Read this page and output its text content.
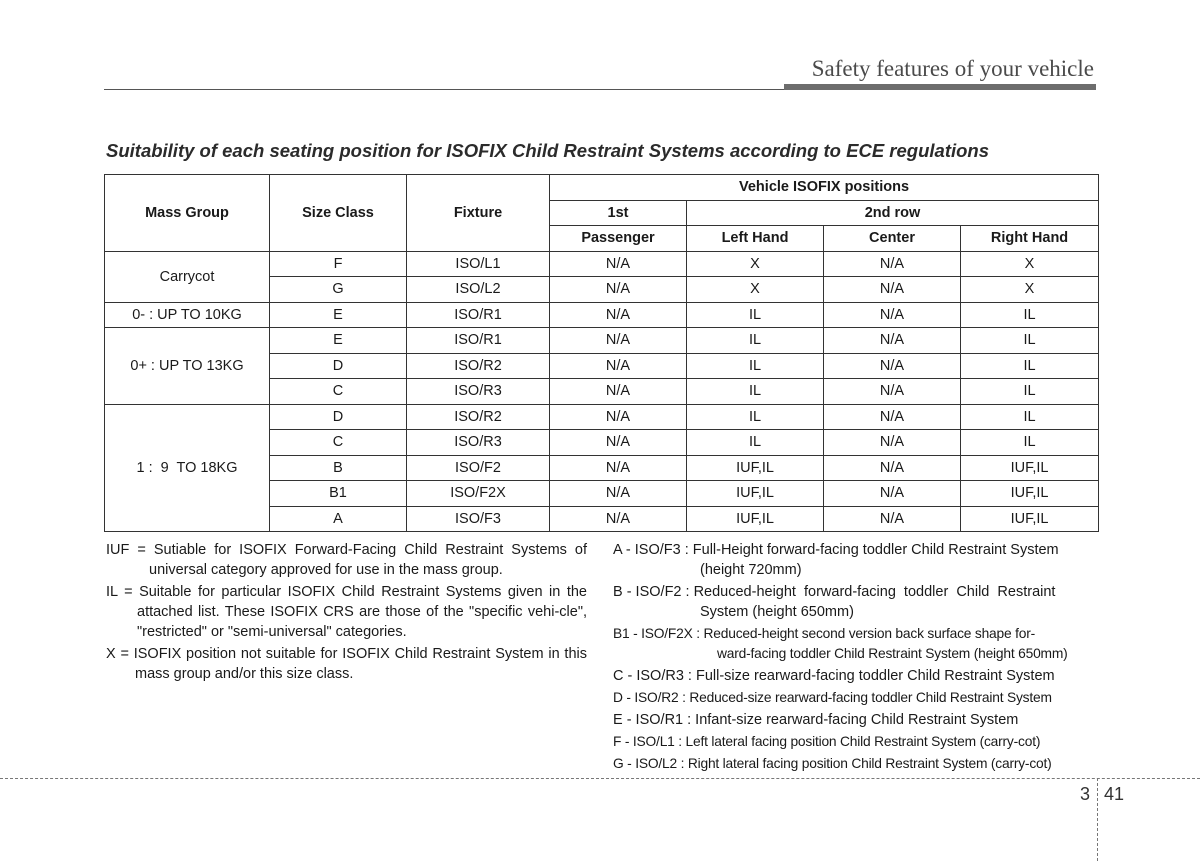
Safety features of your vehicle
Suitability of each seating position for ISOFIX Child Restraint Systems according to ECE regulations
Mass Group	Size Class	Fixture	Vehicle ISOFIX positions			
			1st	2nd row		
			Passenger	Left Hand	Center	Right Hand
Carrycot	F	ISO/L1	N/A	X	N/A	X
	G	ISO/L2	N/A	X	N/A	X
0- : UP TO 10KG	E	ISO/R1	N/A	IL	N/A	IL
0+ : UP TO 13KG	E	ISO/R1	N/A	IL	N/A	IL
	D	ISO/R2	N/A	IL	N/A	IL
	C	ISO/R3	N/A	IL	N/A	IL
1 :  9  TO 18KG	D	ISO/R2	N/A	IL	N/A	IL
	C	ISO/R3	N/A	IL	N/A	IL
	B	ISO/F2	N/A	IUF,IL	N/A	IUF,IL
	B1	ISO/F2X	N/A	IUF,IL	N/A	IUF,IL
	A	ISO/F3	N/A	IUF,IL	N/A	IUF,IL

IUF = Sutiable for ISOFIX Forward-Facing Child Restraint Systems of universal category approved for use in the mass group.

IL = Suitable for particular ISOFIX Child Restraint Systems given in the attached list. These ISOFIX CRS are those of the "specific vehi-cle", "restricted" or "semi-universal" categories.

X = ISOFIX position not suitable for ISOFIX Child Restraint System in this mass group and/or this size class.

A - ISO/F3 : Full-Height forward-facing toddler Child Restraint System
(height 720mm)

B - ISO/F2 : Reduced-height  forward-facing  toddler  Child  Restraint
System (height 650mm)

B1 - ISO/F2X : Reduced-height second version back surface shape for-
ward-facing toddler Child Restraint System (height 650mm)

C - ISO/R3 : Full-size rearward-facing toddler Child Restraint System

D - ISO/R2 : Reduced-size rearward-facing toddler Child Restraint System

E - ISO/R1 : Infant-size rearward-facing Child Restraint System

F - ISO/L1 : Left lateral facing position Child Restraint System (carry-cot)

G - ISO/L2 : Right lateral facing position Child Restraint System (carry-cot)

3 41
